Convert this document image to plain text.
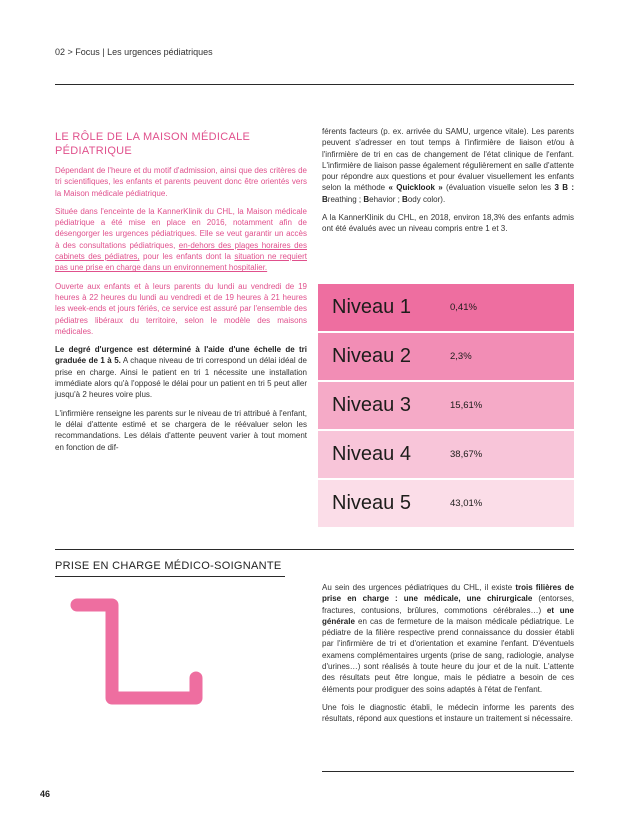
02 > Focus | Les urgences pédiatriques
LE RÔLE DE LA MAISON MÉDICALE PÉDIATRIQUE

Dépendant de l'heure et du motif d'admission, ainsi que des critères de tri scientifiques, les enfants et parents peuvent donc être orientés vers la Maison médicale pédiatrique.

Située dans l'enceinte de la KannerKlinik du CHL, la Maison médicale pédiatrique a été mise en place en 2016, notamment afin de désengorger les urgences pédiatriques. Elle se veut garantir un accès à des consultations pédiatriques, en-dehors des plages horaires des cabinets des pédiatres, pour les enfants dont la situation ne requiert pas une prise en charge dans un environnement hospitalier.

Ouverte aux enfants et à leurs parents du lundi au vendredi de 19 heures à 22 heures du lundi au vendredi et de 19 heures à 21 heures les week-ends et jours fériés, ce service est assuré par l'ensemble des pédiatres libéraux du territoire, selon le modèle des maisons médicales.

Le degré d'urgence est déterminé à l'aide d'une échelle de tri graduée de 1 à 5. A chaque niveau de tri correspond un délai idéal de prise en charge. Ainsi le patient en tri 1 nécessite une installation immédiate alors qu'à l'opposé le délai pour un patient en tri 5 peut aller jusqu'à 2 heures voire plus.

L'infirmière renseigne les parents sur le niveau de tri attribué à l'enfant, le délai d'attente estimé et se chargera de le réévaluer selon les recommandations. Les délais d'attente peuvent varier à tout moment en fonction de dif-

férents facteurs (p. ex. arrivée du SAMU, urgence vitale). Les parents peuvent s'adresser en tout temps à l'infirmière de liaison et/ou à l'infirmière de tri en cas de changement de l'état clinique de l'enfant. L'infirmière de liaison passe également régulièrement en salle d'attente pour répondre aux questions et pour évaluer visuellement les enfants selon la méthode « Quicklook » (évaluation visuelle selon les 3 B : Breathing ; Behavior ; Body color).

A la KannerKlinik du CHL, en 2018, environ 18,3% des enfants admis ont été évalués avec un niveau compris entre 1 et 3.

Niveau 1	0,41%
Niveau 2	2,3%
Niveau 3	15,61%
Niveau 4	38,67%
Niveau 5	43,01%
PRISE EN CHARGE MÉDICO-SOIGNANTE

Au sein des urgences pédiatriques du CHL, il existe trois filières de prise en charge : une médicale, une chirurgicale (entorses, fractures, contusions, brûlures, commotions cérébrales…) et une générale en cas de fermeture de la maison médicale pédiatrique. Le pédiatre de la filière respective prend connaissance du dossier établi par l'infirmière de tri et d'orientation et examine l'enfant. D'éventuels examens complémentaires urgents (prise de sang, radiologie, analyse d'urines…) sont réalisés à toute heure du jour et de la nuit. L'attente des résultats peut être longue, mais le pédiatre a besoin de ces éléments pour prodiguer des soins adaptés à l'état de l'enfant.

Une fois le diagnostic établi, le médecin informe les parents des résultats, répond aux questions et instaure un traitement si nécessaire.

46
